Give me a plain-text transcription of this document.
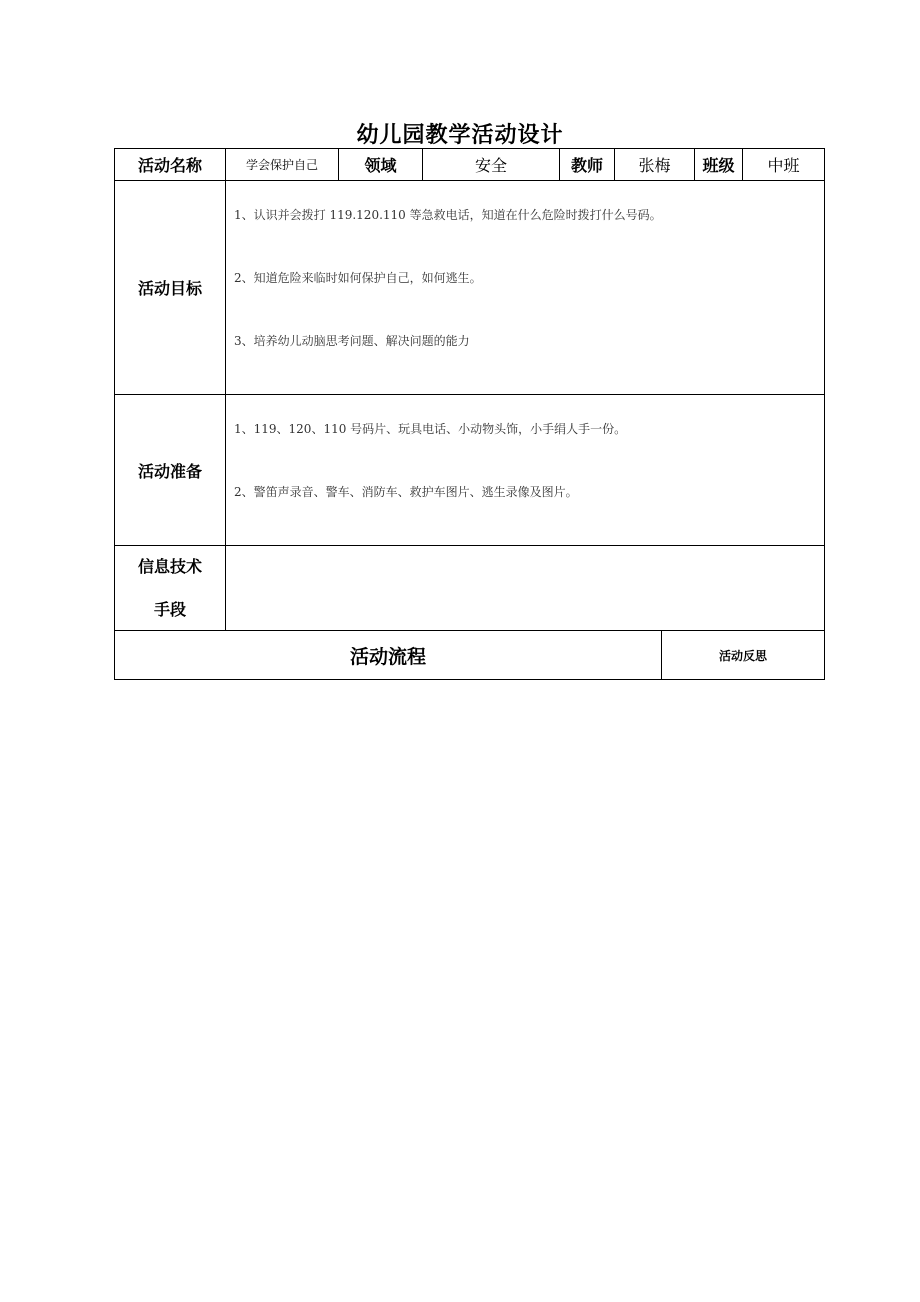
幼儿园教学活动设计
活动名称	学会保护自己	领域	安全	教师	张梅		班级	中班
活动目标	1、认识并会拨打 119.120.110 等急救电话，知道在什么危险时拨打什么号码。

2、知道危险来临时如何保护自己，如何逃生。

3、培养幼儿动脑思考问题、解决问题的能力							

活动准备	1、119、120、110 号码片、玩具电话、小动物头饰，小手绢人手一份。

2、警笛声录音、警车、消防车、救护车图片、逃生录像及图片。							

信息技术
手段								

活动流程						活动反思		
